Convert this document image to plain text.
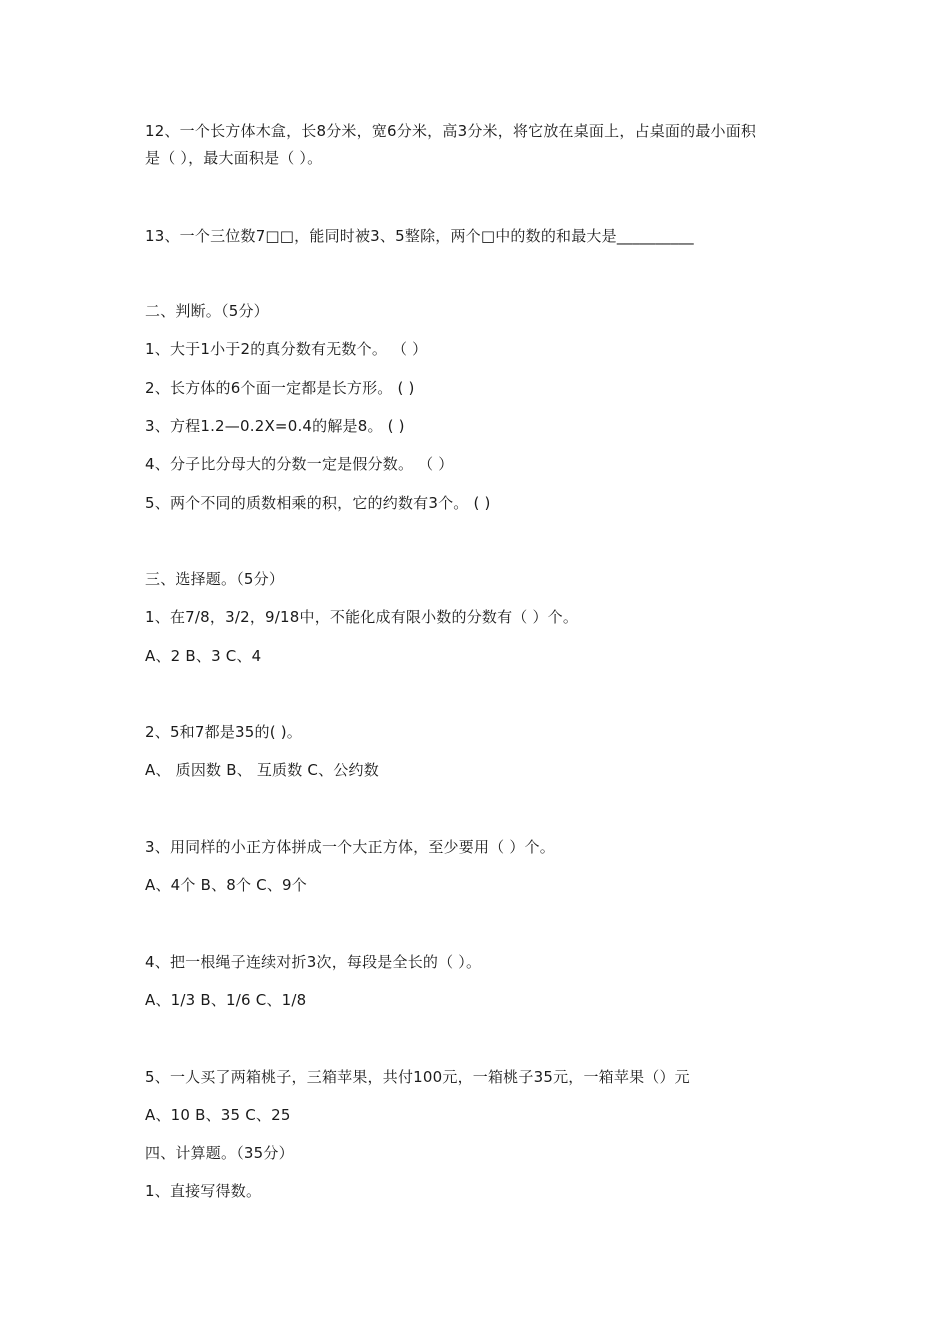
12、一个长方体木盒，长8分米，宽6分米，高3分米，将它放在桌面上，占桌面的最小面积
是（ ），最大面积是（ ）。
13、一个三位数7□□，能同时被3、5整除，两个□中的数的和最大是__________
二、判断。（5分）
1、大于1小于2的真分数有无数个。 （ ）
2、长方体的6个面一定都是长方形。 ( )
3、方程1.2—0.2X=0.4的解是8。 ( )
4、分子比分母大的分数一定是假分数。 （ ）
5、两个不同的质数相乘的积，它的约数有3个。 ( )
三、选择题。（5分）
1、在7/8，3/2，9/18中，不能化成有限小数的分数有（ ）个。
A、2 B、3 C、4
2、5和7都是35的( )。
A、 质因数 B、 互质数 C、公约数
3、用同样的小正方体拼成一个大正方体，至少要用（ ）个。
A、4个 B、8个 C、9个
4、把一根绳子连续对折3次，每段是全长的（ ）。
A、1/3 B、1/6 C、1/8
5、一人买了两箱桃子，三箱苹果，共付100元，一箱桃子35元，一箱苹果（）元
A、10 B、35 C、25
四、计算题。（35分）
1、直接写得数。
